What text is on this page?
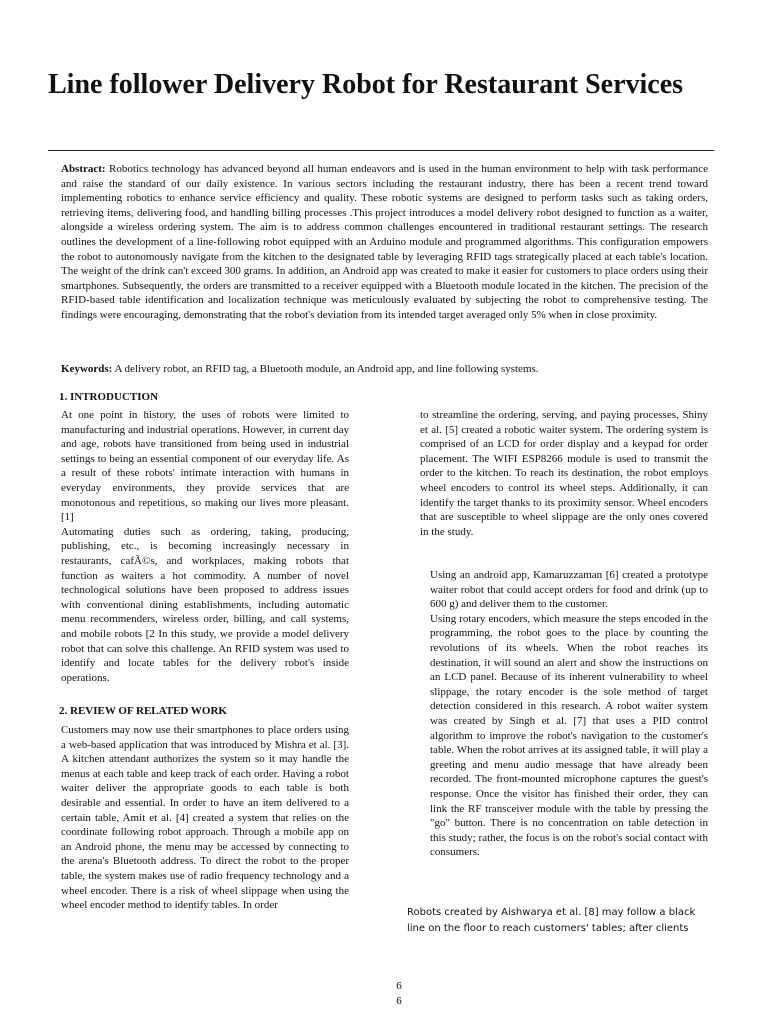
Line follower Delivery Robot for Restaurant Services

Abstract: Robotics technology has advanced beyond all human endeavors and is used in the human environment to help with task performance and raise the standard of our daily existence. In various sectors including the restaurant industry, there has been a recent trend toward implementing robotics to enhance service efficiency and quality. These robotic systems are designed to perform tasks such as taking orders, retrieving items, delivering food, and handling billing processes .This project introduces a model delivery robot designed to function as a waiter, alongside a wireless ordering system. The aim is to address common challenges encountered in traditional restaurant settings. The research outlines the development of a line-following robot equipped with an Arduino module and programmed algorithms. This configuration empowers the robot to autonomously navigate from the kitchen to the designated table by leveraging RFID tags strategically placed at each table's location. The weight of the drink can't exceed 300 grams. In addition, an Android app was created to make it easier for customers to place orders using their smartphones. Subsequently, the orders are transmitted to a receiver equipped with a Bluetooth module located in the kitchen. The precision of the RFID-based table identification and localization technique was meticulously evaluated by subjecting the robot to comprehensive testing. The findings were encouraging, demonstrating that the robot's deviation from its intended target averaged only 5% when in close proximity.

Keywords: A delivery robot, an RFID tag, a Bluetooth module, an Android app, and line following systems.

1. INTRODUCTION

At one point in history, the uses of robots were limited to manufacturing and industrial operations. However, in current day and age, robots have transitioned from being used in industrial settings to being an essential component of our everyday life. As a result of these robots' intimate interaction with humans in everyday environments, they provide services that are monotonous and repetitious, so making our lives more pleasant.[1]

Automating duties such as ordering, taking, producing, publishing, etc., is becoming increasingly necessary in restaurants, cafÃ©s, and workplaces, making robots that function as waiters a hot commodity. A number of novel technological solutions have been proposed to address issues with conventional dining establishments, including automatic menu recommenders, wireless order, billing, and call systems, and mobile robots [2 In this study, we provide a model delivery robot that can solve this challenge. An RFID system was used to identify and locate tables for the delivery robot's inside operations.

2. REVIEW OF RELATED WORK

Customers may now use their smartphones to place orders using a web-based application that was introduced by Mishra et al. [3]. A kitchen attendant authorizes the system so it may handle the menus at each table and keep track of each order. Having a robot waiter deliver the appropriate goods to each table is both desirable and essential. In order to have an item delivered to a certain table, Amit et al. [4] created a system that relies on the coordinate following robot approach. Through a mobile app on an Android phone, the menu may be accessed by connecting to the arena's Bluetooth address. To direct the robot to the proper table, the system makes use of radio frequency technology and a wheel encoder. There is a risk of wheel slippage when using the wheel encoder method to identify tables. In order

to streamline the ordering, serving, and paying processes, Shiny et al. [5] created a robotic waiter system. The ordering system is comprised of an LCD for order display and a keypad for order placement. The WIFI ESP8266 module is used to transmit the order to the kitchen. To reach its destination, the robot employs wheel encoders to control its wheel steps. Additionally, it can identify the target thanks to its proximity sensor. Wheel encoders that are susceptible to wheel slippage are the only ones covered in the study.

Using an android app, Kamaruzzaman [6] created a prototype waiter robot that could accept orders for food and drink (up to 600 g) and deliver them to the customer.

Using rotary encoders, which measure the steps encoded in the programming, the robot goes to the place by counting the revolutions of its wheels. When the robot reaches its destination, it will sound an alert and show the instructions on an LCD panel. Because of its inherent vulnerability to wheel slippage, the rotary encoder is the sole method of target detection considered in this research. A robot waiter system was created by Singh et al. [7] that uses a PID control algorithm to improve the robot's navigation to the customer's table. When the robot arrives at its assigned table, it will play a greeting and menu audio message that have already been recorded. The front-mounted microphone captures the guest's response. Once the visitor has finished their order, they can link the RF transceiver module with the table by pressing the "go" button. There is no concentration on table detection in this study; rather, the focus is on the robot's social contact with consumers.

Robots created by Aishwarya et al. [8] may follow a black line on the floor to reach customers' tables; after clients

6
6
